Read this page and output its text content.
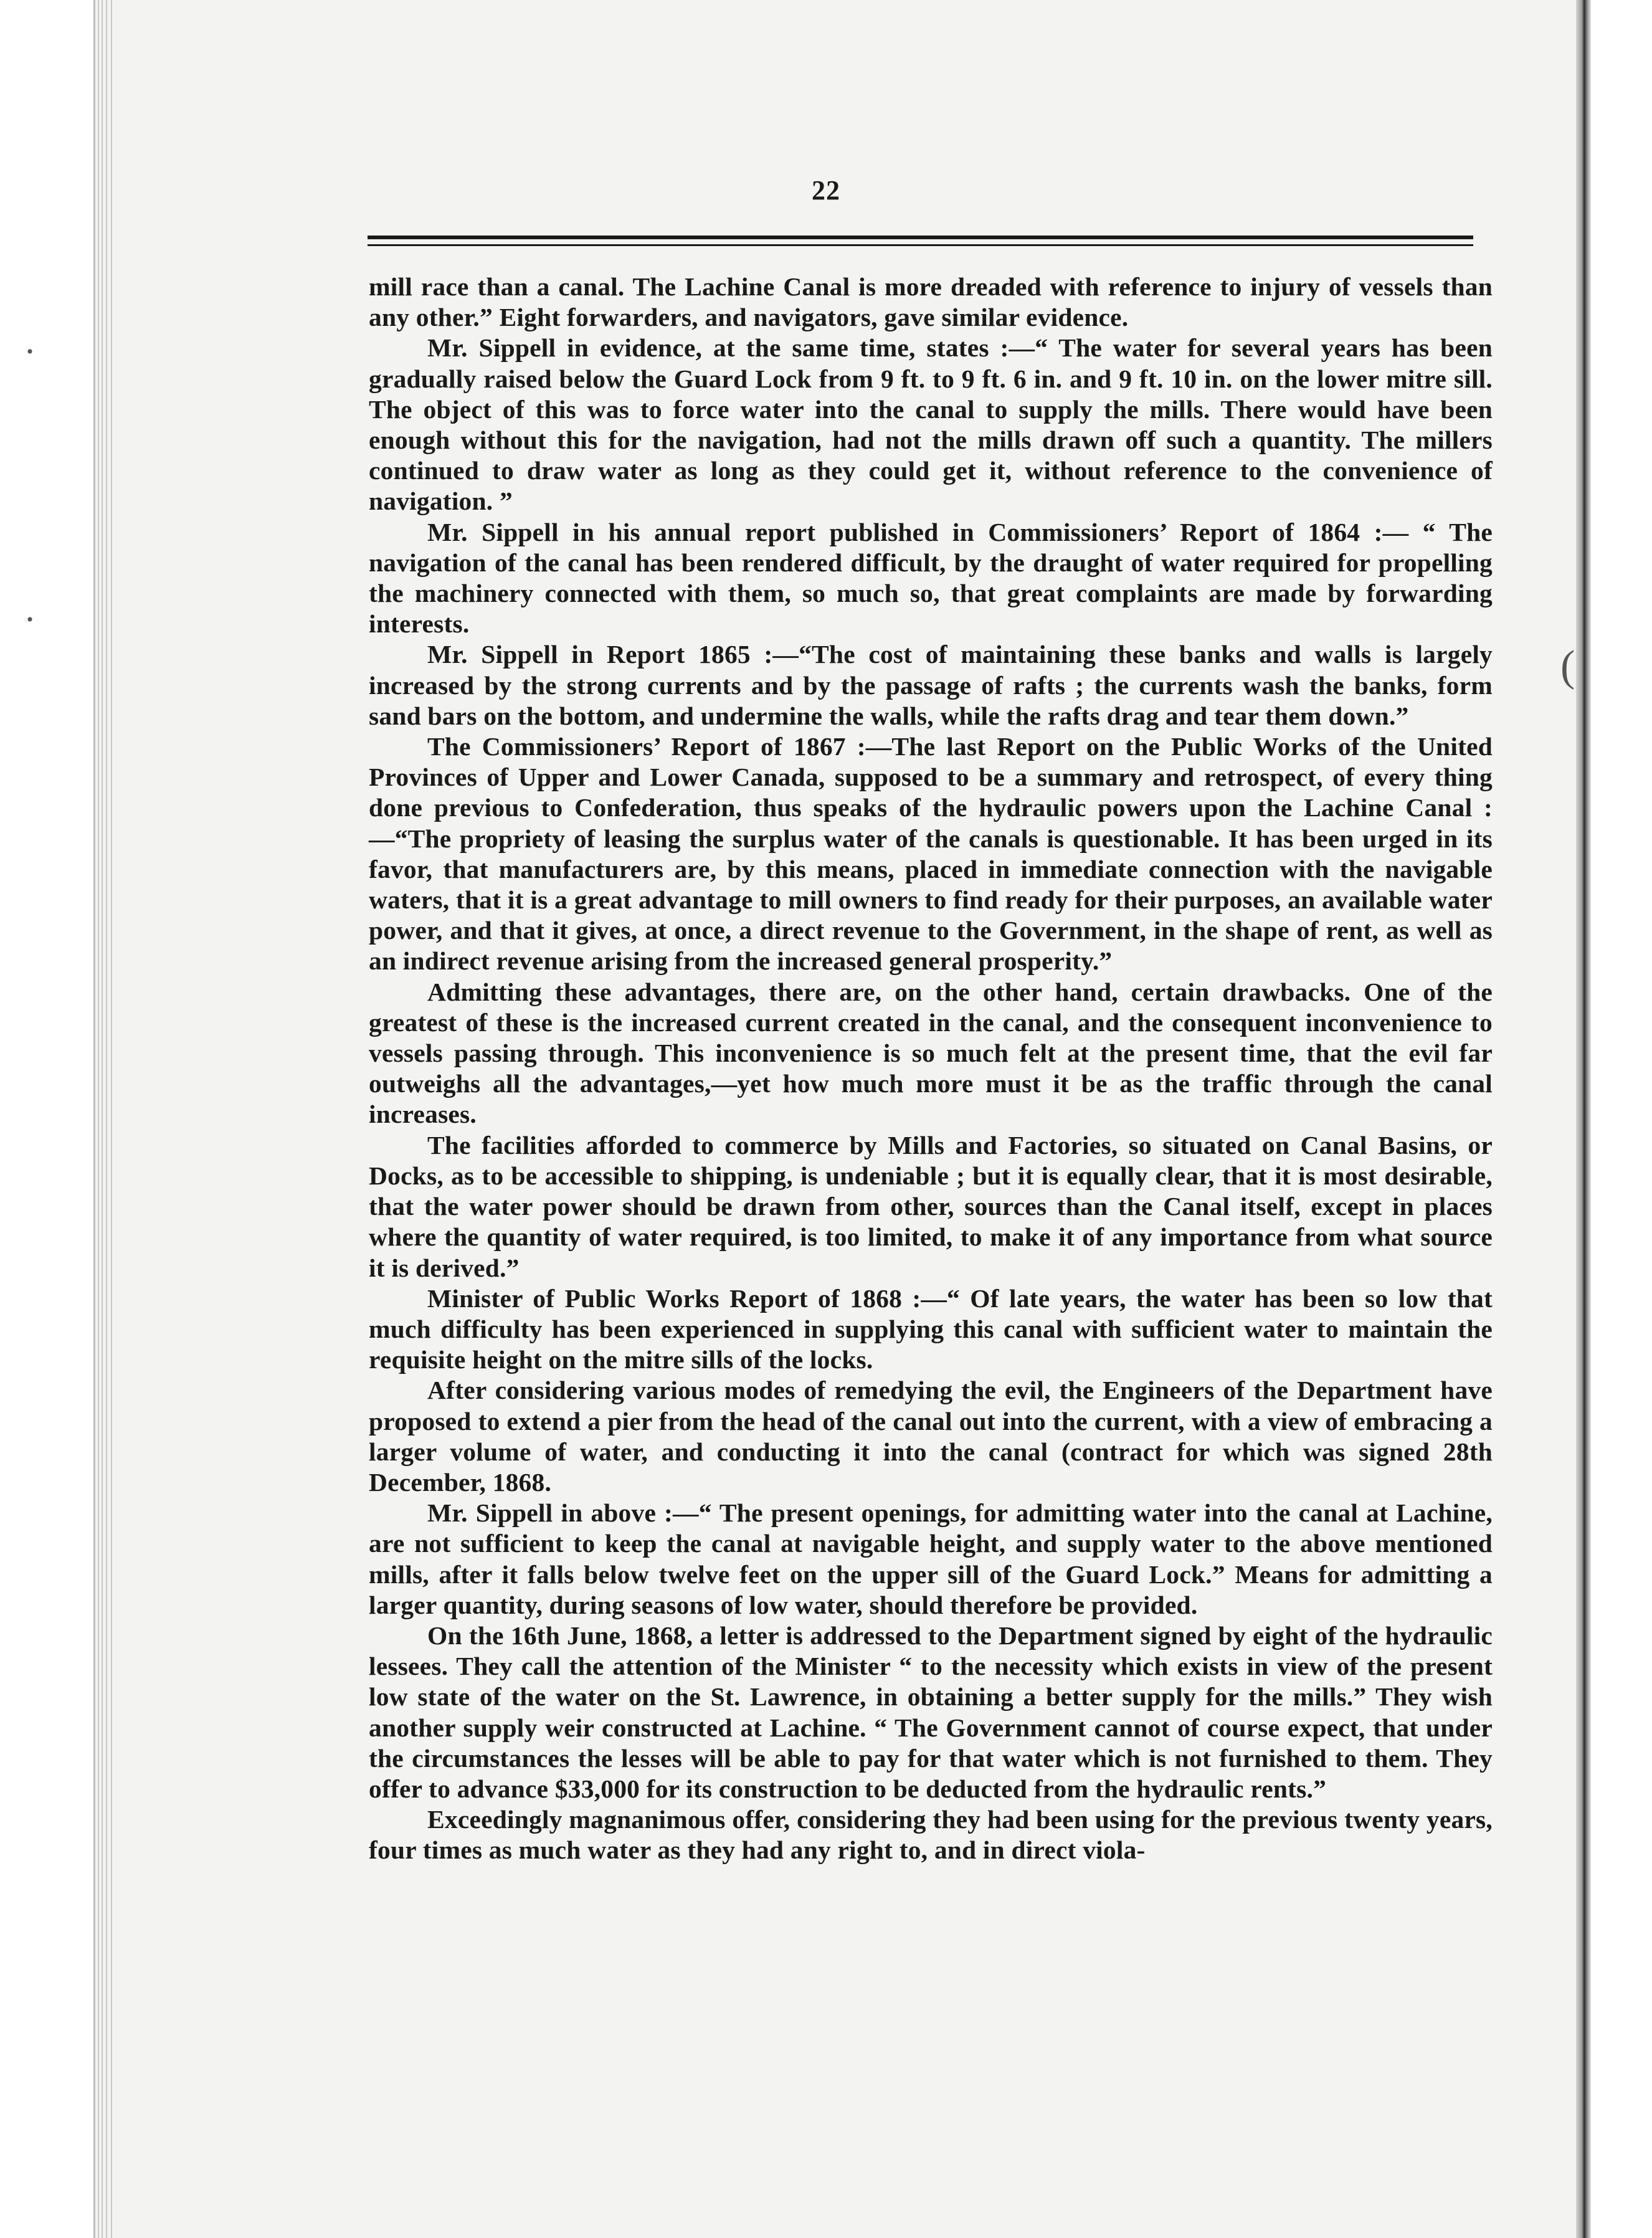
(
·
·
22

mill race than a canal. The Lachine Canal is more dreaded with reference to injury of vessels than any other.” Eight forwarders, and navigators, gave similar evidence.

Mr. Sippell in evidence, at the same time, states :—“ The water for several years has been gradually raised below the Guard Lock from 9 ft. to 9 ft. 6 in. and 9 ft. 10 in. on the lower mitre sill. The object of this was to force water into the canal to supply the mills. There would have been enough without this for the navigation, had not the mills drawn off such a quantity. The millers continued to draw water as long as they could get it, without reference to the convenience of navigation. ”

Mr. Sippell in his annual report published in Commissioners’ Report of 1864 :— “ The navigation of the canal has been rendered difficult, by the draught of water required for propelling the machinery connected with them, so much so, that great complaints are made by forwarding interests.

Mr. Sippell in Report 1865 :—“The cost of maintaining these banks and walls is largely increased by the strong currents and by the passage of rafts ; the currents wash the banks, form sand bars on the bottom, and undermine the walls, while the rafts drag and tear them down.”

The Commissioners’ Report of 1867 :—The last Report on the Public Works of the United Provinces of Upper and Lower Canada, supposed to be a summary and retrospect, of every thing done previous to Confederation, thus speaks of the hydraulic powers upon the Lachine Canal :—“The propriety of leasing the surplus water of the canals is questionable. It has been urged in its favor, that manufacturers are, by this means, placed in immediate connection with the navigable waters, that it is a great advantage to mill owners to find ready for their purposes, an available water power, and that it gives, at once, a direct revenue to the Government, in the shape of rent, as well as an indirect revenue arising from the increased general prosperity.”

Admitting these advantages, there are, on the other hand, certain drawbacks. One of the greatest of these is the increased current created in the canal, and the consequent inconvenience to vessels passing through. This inconvenience is so much felt at the present time, that the evil far outweighs all the advantages,—yet how much more must it be as the traffic through the canal increases.

The facilities afforded to commerce by Mills and Factories, so situated on Canal Basins, or Docks, as to be accessible to shipping, is undeniable ; but it is equally clear, that it is most desirable, that the water power should be drawn from other, sources than the Canal itself, except in places where the quantity of water required, is too limited, to make it of any importance from what source it is derived.”

Minister of Public Works Report of 1868 :—“ Of late years, the water has been so low that much difficulty has been experienced in supplying this canal with sufficient water to maintain the requisite height on the mitre sills of the locks.

After considering various modes of remedying the evil, the Engineers of the Department have proposed to extend a pier from the head of the canal out into the current, with a view of embracing a larger volume of water, and conducting it into the canal (contract for which was signed 28th December, 1868.

Mr. Sippell in above :—“ The present openings, for admitting water into the canal at Lachine, are not sufficient to keep the canal at navigable height, and supply water to the above mentioned mills, after it falls below twelve feet on the upper sill of the Guard Lock.” Means for admitting a larger quantity, during seasons of low water, should therefore be provided.

On the 16th June, 1868, a letter is addressed to the Department signed by eight of the hydraulic lessees. They call the attention of the Minister “ to the necessity which exists in view of the present low state of the water on the St. Lawrence, in obtaining a better supply for the mills.” They wish another supply weir constructed at Lachine. “ The Government cannot of course expect, that under the circumstances the lesses will be able to pay for that water which is not furnished to them. They offer to advance $33,000 for its construction to be deducted from the hydraulic rents.”

Exceedingly magnanimous offer, considering they had been using for the previous twenty years, four times as much water as they had any right to, and in direct viola-
